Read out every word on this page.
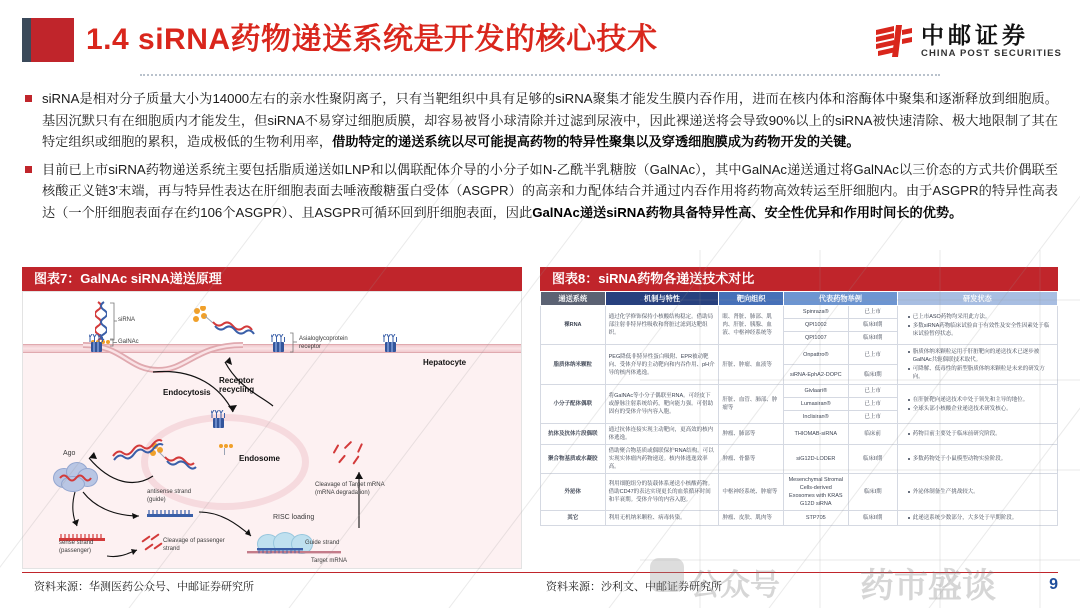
1.4 siRNA药物递送系统是开发的核心技术	中邮证券
CHINA POST SECURITIES

siRNA是相对分子质量大小为14000左右的亲水性聚阴离子，只有当靶组织中具有足够的siRNA聚集才能发生膜内吞作用，进而在核内体和溶酶体中聚集和逐渐释放到细胞质。基因沉默只有在细胞质内才能发生，但siRNA不易穿过细胞质膜，却容易被肾小球清除并过滤到尿液中，因此裸递送将会导致90%以上的siRNA被快速清除、极大地限制了其在特定组织或细胞的累积，造成极低的生物利用率，借助特定的递送系统以尽可能提高药物的特异性聚集以及穿透细胞膜成为药物开发的关键。

目前已上市siRNA药物递送系统主要包括脂质递送如LNP和以偶联配体介导的小分子如N-乙酰半乳糖胺（GalNAc），其中GalNAc递送通过将GalNAc以三价态的方式共价偶联至核酸正义链3'末端，再与特异性表达在肝细胞表面去唾液酸糖蛋白受体（ASGPR）的高亲和力配体结合并通过内吞作用将药物高效转运至肝细胞内。由于ASGPR的特异性高表达（一个肝细胞表面存在约106个ASGPR）、且ASGPR可循环回到肝细胞表面，因此GalNAc递送siRNA药物具备特异性高、安全性优异和作用时间长的优势。

图表7：GalNAc siRNA递送原理
siRNA
GalNAc	Asialoglycoprotein receptor
Hepatocyte
Endocytosis
Endosome
Receptor recycling
Ago
antisense strand (guide)
sense strand (passenger)
Cleavage of passenger strand
RISC loading
Guide strand
Target mRNA
Cleavage of Target mRNA (mRNA degradation)
图表8：siRNA药物各递送技术对比
递送系统	机制与特性	靶向组织	代表药物举例		研发状态
裸RNA	通过化学修饰保持小核酸结构稳定。借助局部注射非特异性吸收和肾脏过滤到达靶组织。	眼、肾脏、肺部、肌肉、肝脏、胰腺、血液、中枢神经系统等	Spinraza®	已上市	
已上市ASO药物均采用此方法。
多数siRNA药物临床试验由于有效性及安全性因素处于临床试验暂停状态。

			QPI1002	临床II期	
			QPI1007	临床II期	
脂质体纳米颗粒	PEG降低非特异性蛋白吸附、EPR被动靶向、受体介导的主动靶向和内吞作用、pH介导的核内体逃逸。	肝脏、肿瘤、血液等	Onpattro®	已上市	脂质体纳米颗粒运用于肝脏靶向的递送技术已逐步被GalNAc共轭偶联技术取代。
可降解、低毒性的新型脂质体纳米颗粒是未来的研发方向。

			siRNA-EphA2-DOPC	临床I期	
小分子配体偶联	将GalNAc等小分子偶联至RNA。可经皮下或静脉注射系统给药，靶向能力强。可借助固有的受体介导内容入胞。	肝脏、血管、肺部、肿瘤等	Givlaari®	已上市	
在肝脏靶向递送技术中处于领先和主导的地位。
全球头部小核酸企业递送技术研发核心。

			Lumasiran®	已上市	
			Inclisiran®	已上市	
抗体及抗体片段偶联	通过抗体连接实现主动靶向，更高效的核内体逃逸。	肿瘤、肺部等	THIOMAB-siRNA	临床前	药物目前主要处于临床前研究阶段。

聚合物基质或水凝胶	借助聚合物基质或偶联保护RNA结构。可以实现实体瘤内药物递送。核内体逃逸效率高。	肿瘤、骨骼等	siG12D-LODER	临床II期	多数药物处于小鼠模型动物实验阶段。

外泌体	利用细胞组分的装载体系递送小核酸药物。借助CD47的表达实现更长的血浆循环时间和半衰期。受体介导的内容入胞。	中枢神经系统、肿瘤等	Mesenchymal Stromal Cells-derived Exosomes with KRAS G12D siRNA	临床I期	外泌体制备生产挑战较大。

其它	利用无机纳米颗粒、病毒转染。	肿瘤、皮肤、肌肉等	STP705	临床II期	此递送系统少数部分，大多处于早期阶段。
资料来源：华测医药公众号、中邮证券研究所	资料来源：沙利文、中邮证券研究所	9
公众号 药市盛谈
